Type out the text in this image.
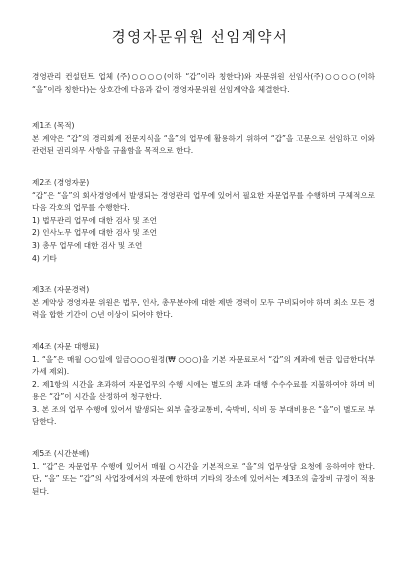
경영자문위원 선임계약서

경영관리 컨설턴트 업체 (주)○○○○(이하 “갑”이라 칭한다)와 자문위원 선임사(주)○○○○(이하 “을”이라 칭한다)는 상호간에 다음과 같이 경영자문위원 선임계약을 체결한다.

제1조 (목적)

본 계약은 “갑”의 경리회계 전문지식을 “을”의 업무에 활용하기 위하여 “갑”을 고문으로 선임하고 이와 관련된 권리의무 사항을 규율함을 목적으로 한다.

제2조 (경영자문)

“갑”은 “을”의 회사경영에서 발생되는 경영관리 업무에 있어서 필요한 자문업무를 수행하며 구체적으로 다음 각호의 업무를 수행한다.

1) 법무관리 업무에 대한 검사 및 조언

2) 인사노무 업무에 대한 검사 및 조언

3) 총무 업무에 대한 검사 및 조언

4) 기타

제3조 (자문경력)

본 계약상 경영자문 위원은 법무, 인사, 총무분야에 대한 제반 경력이 모두 구비되어야 하며 최소 모든 경력을 합한 기간이 ○년 이상이 되어야 한다.

제4조 (자문 대행료)

1. “을”은 매월 ○○일에 일금○○○원정(₩ ○○○)을 기본 자문료로서 “갑”의 계좌에 현금 입금한다(부가세 제외).

2. 제1항의 시간을 초과하여 자문업무의 수행 시에는 별도의 초과 대행 수수수료를 지불하여야 하며 비용은 “갑”이 시간을 산정하여 청구한다.

3. 본 조의 업무 수행에 있어서 발생되는 외부 출장교통비, 숙박비, 식비 등 부대비용은 “을”이 별도로 부담한다.

제5조 (시간분배)

1. “갑”은 자문업무 수행에 있어서 매월 ○시간을 기본적으로 “을”의 업무상담 요청에 응하여야 한다. 단, “을” 또는 “갑”의 사업장에서의 자문에 한하며 기타의 장소에 있어서는 제3조의 출장비 규정이 적용된다.
